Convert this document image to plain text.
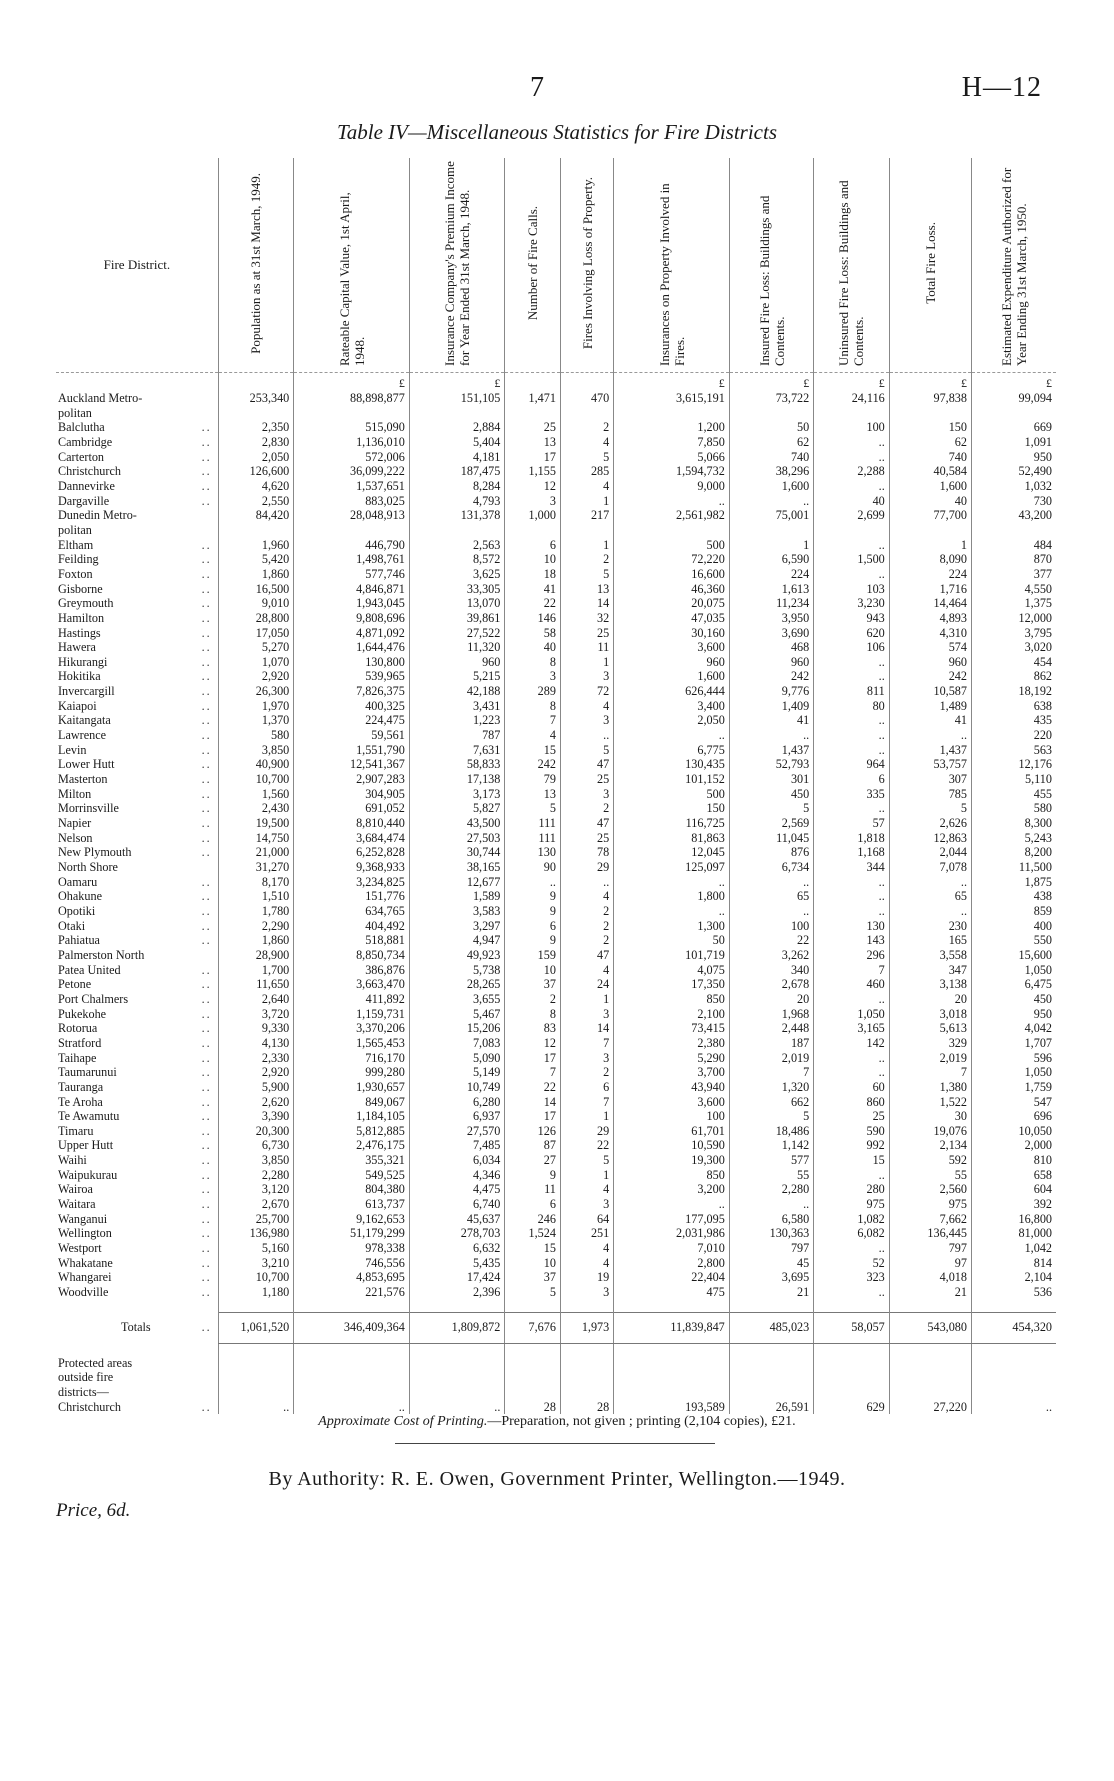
7	H—12
Table IV—Miscellaneous Statistics for Fire Districts
Fire District.	Population as at 31st March, 1949.	Rateable Capital Value, 1st April, 1948.	Insurance Company's Premium Income for Year Ended 31st March, 1948.	Number of Fire Calls.	Fires Involving Loss of Property.	Insurances on Property Involved in Fires.	Insured Fire Loss: Buildings and Contents.	Uninsured Fire Loss: Buildings and Contents.	Total Fire Loss.	Estimated Expenditure Authorized for Year Ending 31st March, 1950.
		£	£			£	£	£	£	£
Auckland Metro-	253,340	88,898,877	151,105	1,471	470	3,615,191	73,722	24,116	97,838	99,094
politan										
Balclutha ..	2,350	515,090	2,884	25	2	1,200	50	100	150	669
Cambridge ..	2,830	1,136,010	5,404	13	4	7,850	62	..	62	1,091
Carterton ..	2,050	572,006	4,181	17	5	5,066	740	..	740	950
Christchurch ..	126,600	36,099,222	187,475	1,155	285	1,594,732	38,296	2,288	40,584	52,490
Dannevirke ..	4,620	1,537,651	8,284	12	4	9,000	1,600	..	1,600	1,032
Dargaville ..	2,550	883,025	4,793	3	1	..	..	40	40	730
Dunedin Metro-	84,420	28,048,913	131,378	1,000	217	2,561,982	75,001	2,699	77,700	43,200
politan										
Eltham ..	1,960	446,790	2,563	6	1	500	1	..	1	484
Feilding ..	5,420	1,498,761	8,572	10	2	72,220	6,590	1,500	8,090	870
Foxton ..	1,860	577,746	3,625	18	5	16,600	224	..	224	377
Gisborne ..	16,500	4,846,871	33,305	41	13	46,360	1,613	103	1,716	4,550
Greymouth ..	9,010	1,943,045	13,070	22	14	20,075	11,234	3,230	14,464	1,375
Hamilton ..	28,800	9,808,696	39,861	146	32	47,035	3,950	943	4,893	12,000
Hastings ..	17,050	4,871,092	27,522	58	25	30,160	3,690	620	4,310	3,795
Hawera ..	5,270	1,644,476	11,320	40	11	3,600	468	106	574	3,020
Hikurangi ..	1,070	130,800	960	8	1	960	960	..	960	454
Hokitika ..	2,920	539,965	5,215	3	3	1,600	242	..	242	862
Invercargill ..	26,300	7,826,375	42,188	289	72	626,444	9,776	811	10,587	18,192
Kaiapoi ..	1,970	400,325	3,431	8	4	3,400	1,409	80	1,489	638
Kaitangata ..	1,370	224,475	1,223	7	3	2,050	41	..	41	435
Lawrence ..	580	59,561	787	4	..	..	..	..	..	220
Levin ..	3,850	1,551,790	7,631	15	5	6,775	1,437	..	1,437	563
Lower Hutt ..	40,900	12,541,367	58,833	242	47	130,435	52,793	964	53,757	12,176
Masterton ..	10,700	2,907,283	17,138	79	25	101,152	301	6	307	5,110
Milton ..	1,560	304,905	3,173	13	3	500	450	335	785	455
Morrinsville ..	2,430	691,052	5,827	5	2	150	5	..	5	580
Napier ..	19,500	8,810,440	43,500	111	47	116,725	2,569	57	2,626	8,300
Nelson ..	14,750	3,684,474	27,503	111	25	81,863	11,045	1,818	12,863	5,243
New Plymouth ..	21,000	6,252,828	30,744	130	78	12,045	876	1,168	2,044	8,200
North Shore	31,270	9,368,933	38,165	90	29	125,097	6,734	344	7,078	11,500
Oamaru ..	8,170	3,234,825	12,677	..	..	..	..	..	..	1,875
Ohakune ..	1,510	151,776	1,589	9	4	1,800	65	..	65	438
Opotiki ..	1,780	634,765	3,583	9	2	..	..	..	..	859
Otaki ..	2,290	404,492	3,297	6	2	1,300	100	130	230	400
Pahiatua ..	1,860	518,881	4,947	9	2	50	22	143	165	550
Palmerston North	28,900	8,850,734	49,923	159	47	101,719	3,262	296	3,558	15,600
Patea United ..	1,700	386,876	5,738	10	4	4,075	340	7	347	1,050
Petone ..	11,650	3,663,470	28,265	37	24	17,350	2,678	460	3,138	6,475
Port Chalmers ..	2,640	411,892	3,655	2	1	850	20	..	20	450
Pukekohe ..	3,720	1,159,731	5,467	8	3	2,100	1,968	1,050	3,018	950
Rotorua ..	9,330	3,370,206	15,206	83	14	73,415	2,448	3,165	5,613	4,042
Stratford ..	4,130	1,565,453	7,083	12	7	2,380	187	142	329	1,707
Taihape ..	2,330	716,170	5,090	17	3	5,290	2,019	..	2,019	596
Taumarunui ..	2,920	999,280	5,149	7	2	3,700	7	..	7	1,050
Tauranga ..	5,900	1,930,657	10,749	22	6	43,940	1,320	60	1,380	1,759
Te Aroha ..	2,620	849,067	6,280	14	7	3,600	662	860	1,522	547
Te Awamutu ..	3,390	1,184,105	6,937	17	1	100	5	25	30	696
Timaru ..	20,300	5,812,885	27,570	126	29	61,701	18,486	590	19,076	10,050
Upper Hutt ..	6,730	2,476,175	7,485	87	22	10,590	1,142	992	2,134	2,000
Waihi ..	3,850	355,321	6,034	27	5	19,300	577	15	592	810
Waipukurau ..	2,280	549,525	4,346	9	1	850	55	..	55	658
Wairoa ..	3,120	804,380	4,475	11	4	3,200	2,280	280	2,560	604
Waitara ..	2,670	613,737	6,740	6	3	..	..	975	975	392
Wanganui ..	25,700	9,162,653	45,637	246	64	177,095	6,580	1,082	7,662	16,800
Wellington ..	136,980	51,179,299	278,703	1,524	251	2,031,986	130,363	6,082	136,445	81,000
Westport ..	5,160	978,338	6,632	15	4	7,010	797	..	797	1,042
Whakatane ..	3,210	746,556	5,435	10	4	2,800	45	52	97	814
Whangarei ..	10,700	4,853,695	17,424	37	19	22,404	3,695	323	4,018	2,104
Woodville ..	1,180	221,576	2,396	5	3	475	21	..	21	536

Totals ..	1,061,520	346,409,364	1,809,872	7,676	1,973	11,839,847	485,023	58,057	543,080	454,320

Protected areas										
outside fire										
districts—										
Christchurch ..	..	..	..	28	28	193,589	26,591	629	27,220	..
Approximate Cost of Printing.—Preparation, not given ; printing (2,104 copies), £21.
By Authority: R. E. Owen, Government Printer, Wellington.—1949.
Price, 6d.
